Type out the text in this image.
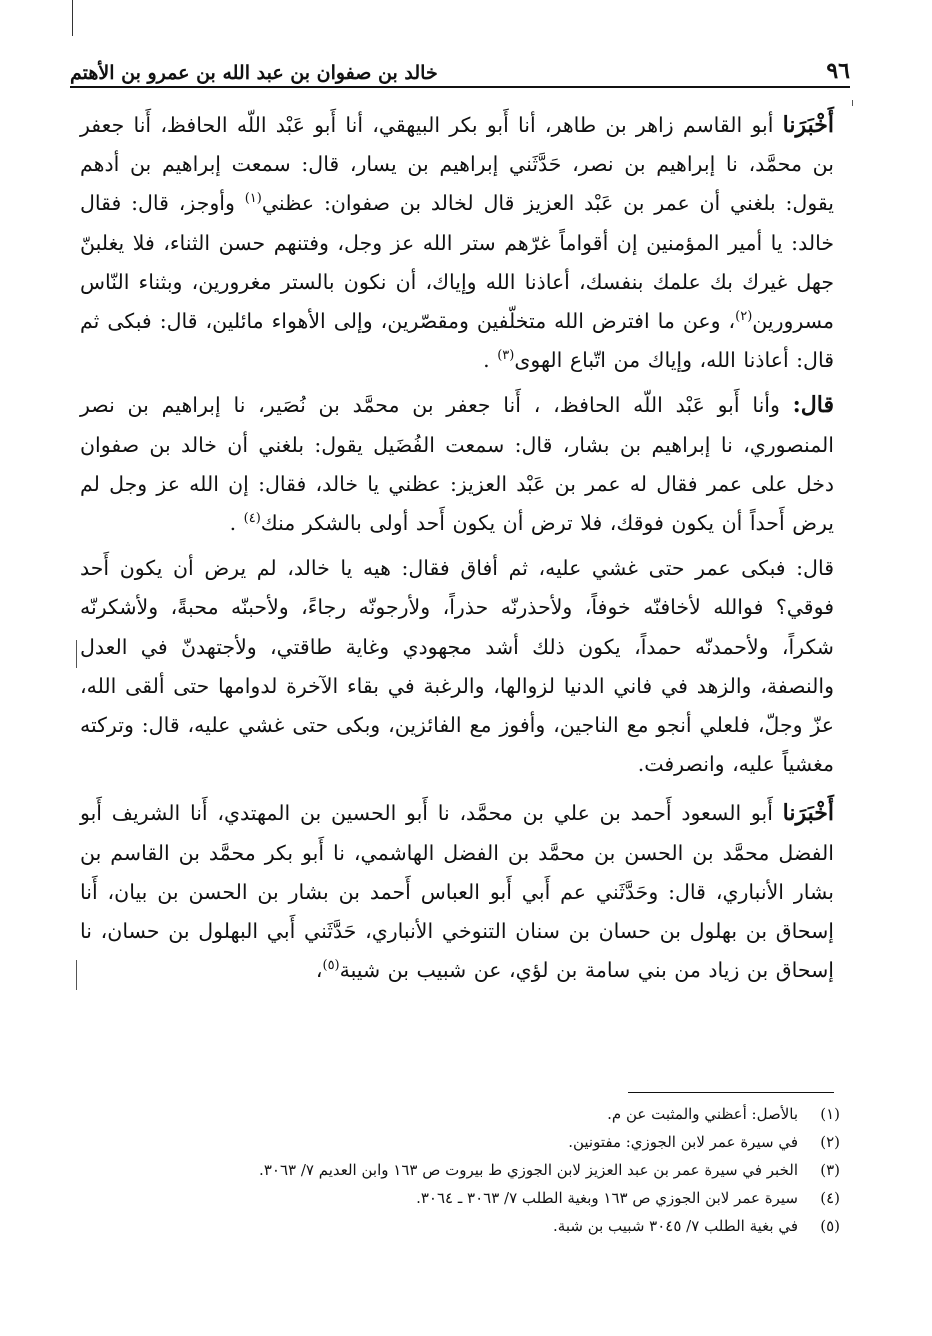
٩٦
خالد بن صفوان بن عبد الله بن عمرو بن الأهتم

أَخْبَرَنا أبو القاسم زاهر بن طاهر، أنا أَبو بكر البيهقي، أنا أَبو عَبْد اللّه الحافظ، أَنا جعفر بن محمَّد، نا إبراهيم بن نصر، حَدَّثَني إبراهيم بن يسار، قال: سمعت إبراهيم بن أدهم يقول: بلغني أن عمر بن عَبْد العزيز قال لخالد بن صفوان: عظني$^{(١)}$ وأوجز، قال: فقال خالد: يا أمير المؤمنين إن أقواماً غرّهم ستر الله عز وجل، وفتنهم حسن الثناء، فلا يغلبنّ جهل غيرك بك علمك بنفسك، أعاذنا الله وإياك، أن نكون بالستر مغرورين، وبثناء النّاس مسرورين$^{(٢)}$، وعن ما افترض الله متخلّفين ومقصّرين، وإلى الأهواء مائلين، قال: فبكى ثم قال: أعاذنا الله، وإياك من اتّباع الهوى$^{(٣)}$ .

قال: وأنا أَبو عَبْد اللّه الحافظ، ، أَنا جعفر بن محمَّد بن نُصَير، نا إبراهيم بن نصر المنصوري، نا إبراهيم بن بشار، قال: سمعت الفُضَيل يقول: بلغني أن خالد بن صفوان دخل على عمر فقال له عمر بن عَبْد العزيز: عظني يا خالد، فقال: إن الله عز وجل لم يرض أَحداً أن يكون فوقك، فلا ترض أن يكون أَحد أولى بالشكر منك$^{(٤)}$ .

قال: فبكى عمر حتى غشي عليه، ثم أفاق فقال: هيه يا خالد، لم يرض أن يكون أَحد فوقي؟ فوالله لأخافنّه خوفاً، ولأحذرنّه حذراً، ولأرجونّه رجاءً، ولأحبنّه محبةً، ولأشكرنّه شكراً، ولأحمدنّه حمداً، يكون ذلك أشد مجهودي وغاية طاقتي، ولأجتهدنّ في العدل والنصفة، والزهد في فاني الدنيا لزوالها، والرغبة في بقاء الآخرة لدوامها حتى ألقى الله، عزّ وجلّ، فلعلي أنجو مع الناجين، وأفوز مع الفائزين، وبكى حتى غشي عليه، قال: وتركته مغشياً عليه، وانصرفت.

أَخْبَرَنا أَبو السعود أَحمد بن علي بن محمَّد، نا أَبو الحسين بن المهتدي، أَنا الشريف أَبو الفضل محمَّد بن الحسن بن محمَّد بن الفضل الهاشمي، نا أَبو بكر محمَّد بن القاسم بن بشار الأنباري، قال: وحَدَّثَني عم أَبي أَبو العباس أَحمد بن بشار بن الحسن بن بيان، أَنا إسحاق بن بهلول بن حسان بن سنان التنوخي الأنباري، حَدَّثَني أَبي البهلول بن حسان، نا إسحاق بن زياد من بني سامة بن لؤي، عن شبيب بن شيبة$^{(٥)}$،

(١)
بالأصل: أعظني والمثبت عن م.
(٢)
في سيرة عمر لابن الجوزي: مفتونين.
(٣)
الخبر في سيرة عمر بن عبد العزيز لابن الجوزي ط بيروت ص ١٦٣ وابن العديم ٧/ ٣٠٦٣.
(٤)
سيرة عمر لابن الجوزي ص ١٦٣ وبغية الطلب ٧/ ٣٠٦٣ ـ ٣٠٦٤.
(٥)
في بغية الطلب ٧/ ٣٠٤٥ شبيب بن شبة.
